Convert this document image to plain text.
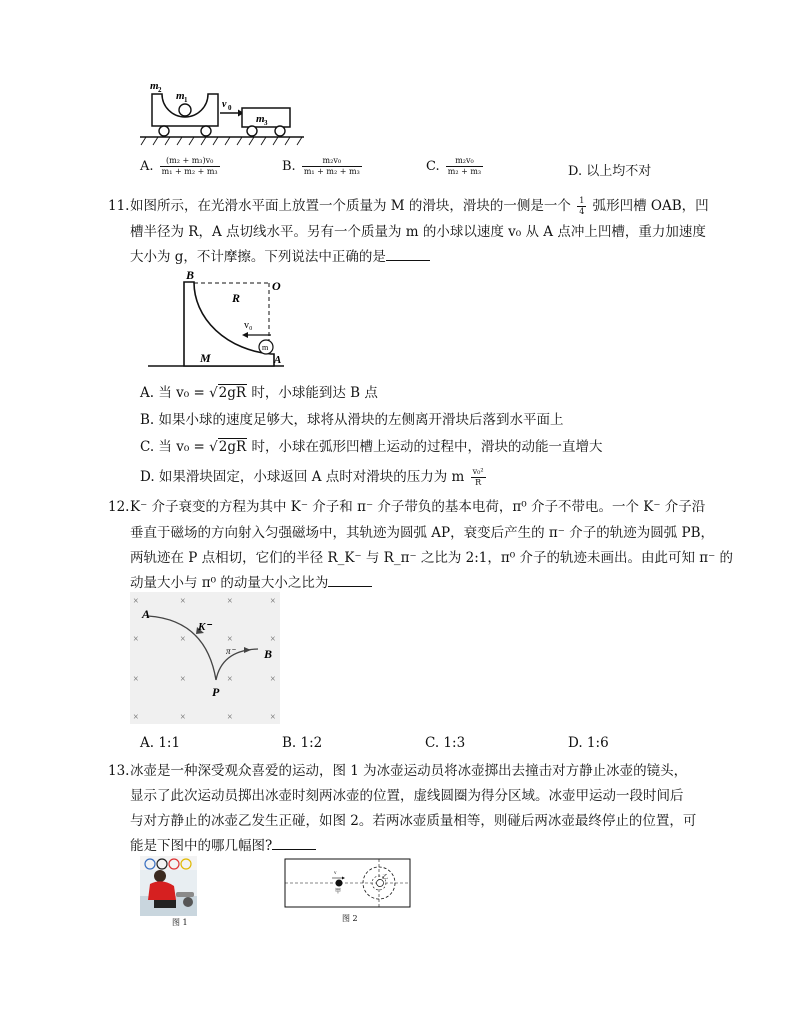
m 2 m 1	v 0
m 3
A. $\frac{\text{(m₂ + m₃)v₀}}{\text{m₁ + m₂ + m₃}}$	B. $\frac{\text{m₂v₀}}{\text{m₁ + m₂ + m₃}}$	C. $\frac{\text{m₂v₀}}{\text{m₂ + m₃}}$	D. 以上均不对
11. 如图所示，在光滑水平面上放置一个质量为 M 的滑块，滑块的一侧是一个 $\frac{1}{4}$ 弧形凹槽 OAB，凹
槽半径为 R，A 点切线水平。另有一个质量为 m 的小球以速度 v₀ 从 A 点冲上凹槽，重力加速度
大小为 g，不计摩擦。下列说法中正确的是
B
O
R
v₀
m
M	A
A. 当 v₀ = √2gR 时，小球能到达 B 点
B. 如果小球的速度足够大，球将从滑块的左侧离开滑块后落到水平面上
C. 当 v₀ = √2gR 时，小球在弧形凹槽上运动的过程中，滑块的动能一直增大
D. 如果滑块固定，小球返回 A 点时对滑块的压力为 m $\frac{\text{v₀²}}{R}$
12. K⁻ 介子衰变的方程为其中 K⁻ 介子和 π⁻ 介子带负的基本电荷，π⁰ 介子不带电。一个 K⁻ 介子沿
垂直于磁场的方向射入匀强磁场中，其轨迹为圆弧 AP，衰变后产生的 π⁻ 介子的轨迹为圆弧 PB，
两轨迹在 P 点相切，它们的半径 R_K⁻ 与 R_π⁻ 之比为 2:1，π⁰ 介子的轨迹未画出。由此可知 π⁻ 的
动量大小与 π⁰ 的动量大小之比为
×	×	×	×
×	×	×	×
×	×	×	×
×	×	×	×
A
K⁻
π⁻ B
P
A. 1:1	B. 1:2	C. 1:3	D. 1:6
13. 冰壶是一种深受观众喜爱的运动，图 1 为冰壶运动员将冰壶掷出去撞击对方静止冰壶的镜头，
显示了此次运动员掷出冰壶时刻两冰壶的位置，虚线圆圈为得分区域。冰壶甲运动一段时间后
与对方静止的冰壶乙发生正碰，如图 2。若两冰壶质量相等，则碰后两冰壶最终停止的位置，可
能是下图中的哪几幅图?
图 1
v
甲
乙
图 2
